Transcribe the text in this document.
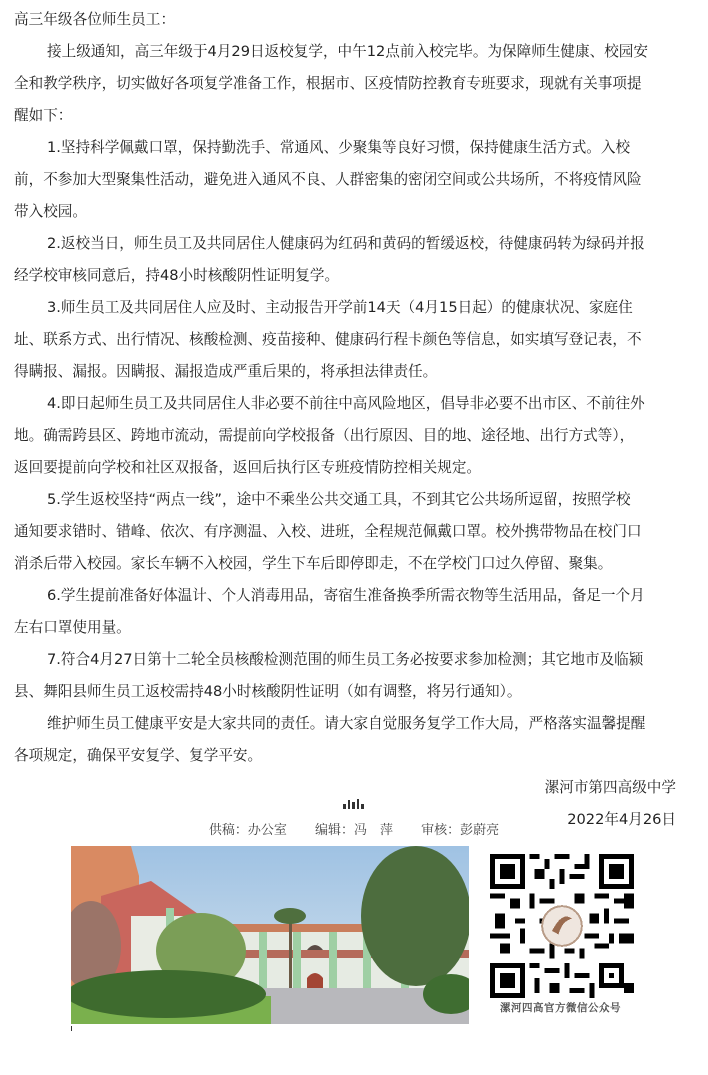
高三年级各位师生员工：
接上级通知，高三年级于4月29日返校复学，中午12点前入校完毕。为保障师生健康、校园安
全和教学秩序，切实做好各项复学准备工作，根据市、区疫情防控教育专班要求，现就有关事项提
醒如下：
1.坚持科学佩戴口罩，保持勤洗手、常通风、少聚集等良好习惯，保持健康生活方式。入校
前，不参加大型聚集性活动，避免进入通风不良、人群密集的密闭空间或公共场所，不将疫情风险
带入校园。
2.返校当日，师生员工及共同居住人健康码为红码和黄码的暂缓返校，待健康码转为绿码并报
经学校审核同意后，持48小时核酸阴性证明复学。
3.师生员工及共同居住人应及时、主动报告开学前14天（4月15日起）的健康状况、家庭住
址、联系方式、出行情况、核酸检测、疫苗接种、健康码行程卡颜色等信息，如实填写登记表，不
得瞒报、漏报。因瞒报、漏报造成严重后果的，将承担法律责任。
4.即日起师生员工及共同居住人非必要不前往中高风险地区，倡导非必要不出市区、不前往外
地。确需跨县区、跨地市流动，需提前向学校报备（出行原因、目的地、途径地、出行方式等），
返回要提前向学校和社区双报备，返回后执行区专班疫情防控相关规定。
5.学生返校坚持“两点一线”，途中不乘坐公共交通工具，不到其它公共场所逗留，按照学校
通知要求错时、错峰、依次、有序测温、入校、进班，全程规范佩戴口罩。校外携带物品在校门口
消杀后带入校园。家长车辆不入校园，学生下车后即停即走，不在学校门口过久停留、聚集。
6.学生提前准备好体温计、个人消毒用品，寄宿生准备换季所需衣物等生活用品，备足一个月
左右口罩使用量。
7.符合4月27日第十二轮全员核酸检测范围的师生员工务必按要求参加检测；其它地市及临颍
县、舞阳县师生员工返校需持48小时核酸阴性证明（如有调整，将另行通知）。
维护师生员工健康平安是大家共同的责任。请大家自觉服务复学工作大局，严格落实温馨提醒
各项规定，确保平安复学、复学平安。
漯河市第四高级中学
2022年4月26日
供稿：办公室 编辑：冯　萍 审核：彭蔚亮
漯河四高官方微信公众号
